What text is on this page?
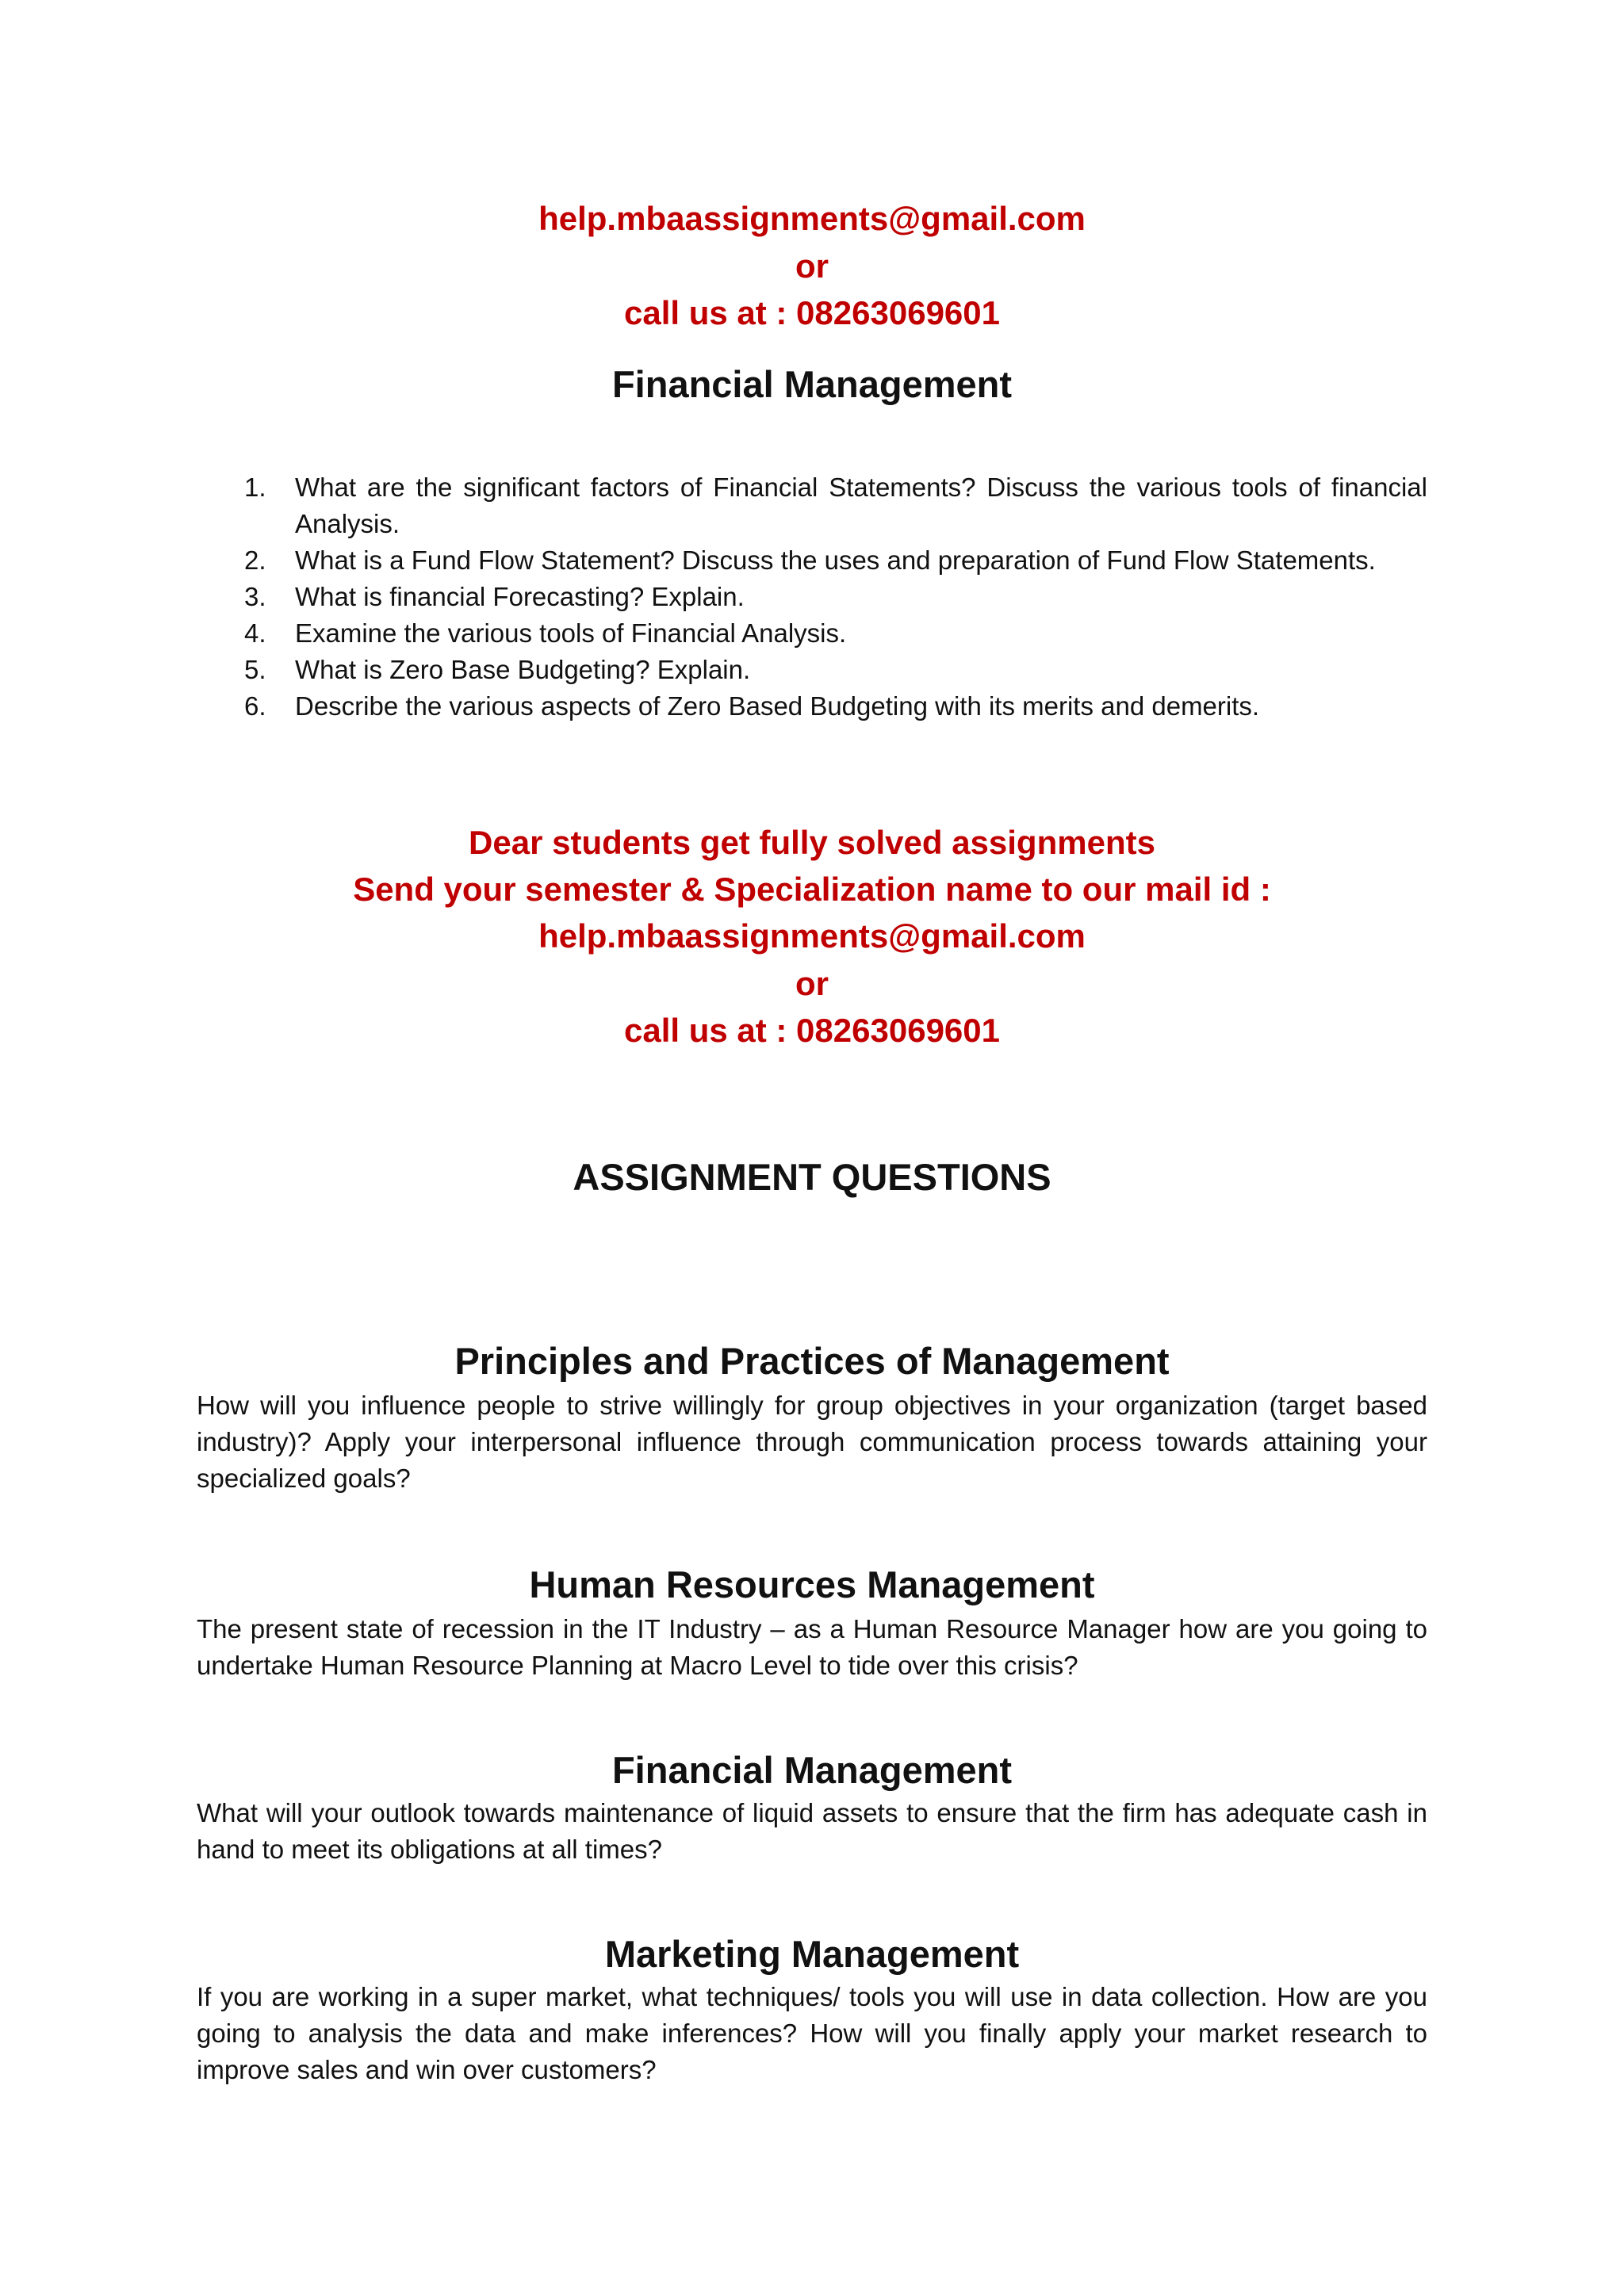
help.mbaassignments@gmail.com
or
call us at : 08263069601
Financial Management
1. What are the significant factors of Financial Statements? Discuss the various tools of financial Analysis.
2. What is a Fund Flow Statement? Discuss the uses and preparation of Fund Flow Statements.
3. What is financial Forecasting? Explain.
4. Examine the various tools of Financial Analysis.
5. What is Zero Base Budgeting? Explain.
6. Describe the various aspects of Zero Based Budgeting with its merits and demerits.
Dear students get fully solved assignments
Send your semester & Specialization name to our mail id :
help.mbaassignments@gmail.com
or
call us at : 08263069601
ASSIGNMENT QUESTIONS
Principles and Practices of Management
How will you influence people to strive willingly for group objectives in your organization (target based industry)? Apply your interpersonal influence through communication process towards attaining your specialized goals?
Human Resources Management
The present state of recession in the IT Industry – as a Human Resource Manager how are you going to undertake Human Resource Planning at Macro Level to tide over this crisis?
Financial Management
What will your outlook towards maintenance of liquid assets to ensure that the firm has adequate cash in hand to meet its obligations at all times?
Marketing Management
If you are working in a super market, what techniques/ tools you will use in data collection. How are you going to analysis the data and make inferences? How will you finally apply your market research to improve sales and win over customers?
